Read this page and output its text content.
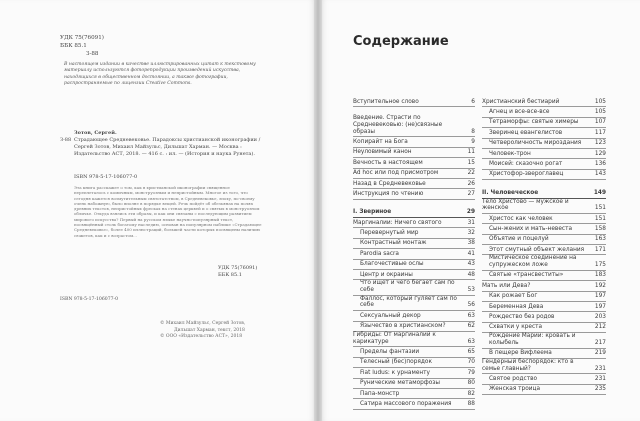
УДК 75(76091)
ББК 85.1
З-88
В настоящем издании в качестве иллюстрированных цитат к текстовому материалу используются фоторепродукции произведений искусства, находящихся в общественном достоянии, а также фотографии, распространяемые по лицензии Creative Commons.
З-88
Зотов, Сергей.
Страдающее Средневековье. Парадоксы христианской иконографии / Сергей Зотов, Михаил Майзульс, Дильшат Харман. — Москва : Издательство АСТ, 2018. — 416 с. : ил. — (История и наука Рунета).
ISBN 978-5-17-106077-0
Эта книга расскажет о том, как в христианской иконографии священное переплеталось с комичным, монструозным и непристойным. Многое из того, что сегодня кажется возмутительным святотатством, в Средневековье, эпоху, по-своему очень набожную, было вполне в порядке вещей. Речь пойдёт об обезьянах на полях древних текстов, непристойных фресках на стенах церквей и о святых в монструозном обличье. Откуда взялись эти образы, и как они связаны с последующим развитием мирового искусства? Первый на русском языке научно-популярный текст, посвящённый столь богатому наследию, основан на популярном паблике «Страдающее Средневековье», более 400 иллюстраций, большей части которых посвящены наличию сюжетов, как и с возрастом...
УДК 75(76091)
ББК 85.1
ISBN 978-5-17-106077-0
© Михаил Майзульс, Сергей Зотов,
Дильшат Харман, текст, 2018
© ООО «Издательство АСТ», 2018
Содержание
Вступительное слово	6
Введение. Страсти по Средневековью: (не)связные образы	8
Копирайт на Бога	9
Неуловимый канон	11
Вечность в настоящем	15
Ad hoc или под присмотром	22
Назад в Средневековье	26
Инструкция по чтению	27
I. Звериное	29
Маргиналии: Ничего святого	31
Перевернутый мир	32
Контрастный монтаж	38
Parodia sacra	41
Благочестивые ослы	43
Центр и окраины	48
Что ищет и чего бегает сам по себе	53
Фаллос, который гуляет сам по себе	56
Сексуальный декор	63
Язычество в христианском?	62
Гибриды: От маргиналий к карикатуре	63
Пределы фантазии	65
Телесный (бес)порядок	70
Fiat ludus: к урнаменту	79
Рунические метаморфозы	80
Папа-монстр	82
Сатира массового поражения	88
Христианский бестиарий	105
Агнец и все-все-все	105
Тетраморфы: святые химеры	107
Зверинец евангелистов	117
Четвероличность мироздания	123
Человек-трон	129
Моисей: сказочно рогат	136
Христофор-звероглавец	143
II. Человеческое	149
Тело Христово — мужское и женское	151
Христос как человек	151
Сын-жених и мать-невеста	158
Объятие и поцелуй	163
Этот смутный объект желания	171
Мистическое соединение на супружеском ложе	175
Святые «трансвеститы»	183
Мать или Дева?	192
Как рожает Бог	197
Беременная Дева	197
Рождество без родов	203
Схватки у креста	212
Рождение Марии: кровать и колыбель	217
В пещере Вифлеема	219
Гендерный беспорядок: кто в семье главный?	231
Святое родство	231
Женская троица	235
